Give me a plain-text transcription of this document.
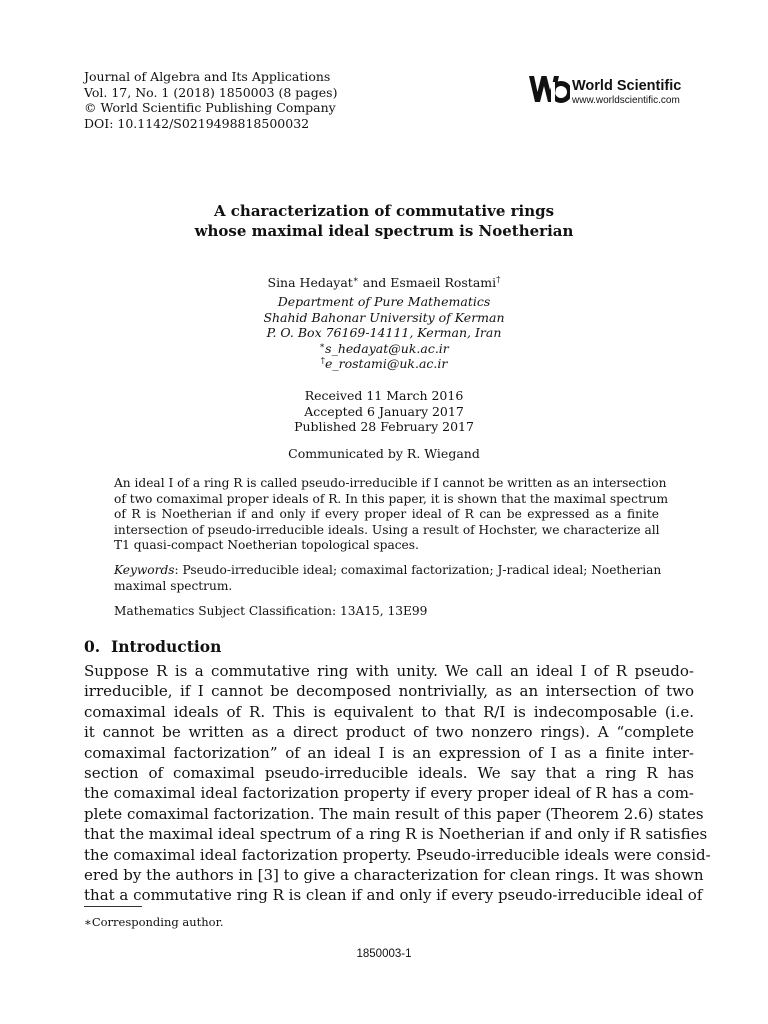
Journal of Algebra and Its Applications
Vol. 17, No. 1 (2018) 1850003 (8 pages)
© World Scientific Publishing Company
DOI: 10.1142/S0219498818500032
World Scientific
www.worldscientific.com
A characterization of commutative rings
whose maximal ideal spectrum is Noetherian
Sina Hedayat∗ and Esmaeil Rostami†
Department of Pure Mathematics
Shahid Bahonar University of Kerman
P. O. Box 76169-14111, Kerman, Iran
∗s_hedayat@uk.ac.ir
†e_rostami@uk.ac.ir
Received 11 March 2016
Accepted 6 January 2017
Published 28 February 2017
Communicated by R. Wiegand
An ideal I of a ring R is called pseudo-irreducible if I cannot be written as an intersection
of two comaximal proper ideals of R. In this paper, it is shown that the maximal spectrum
of R is Noetherian if and only if every proper ideal of R can be expressed as a finite
intersection of pseudo-irreducible ideals. Using a result of Hochster, we characterize all
T1 quasi-compact Noetherian topological spaces.
Keywords: Pseudo-irreducible ideal; comaximal factorization; J-radical ideal; Noetherian
maximal spectrum.
Mathematics Subject Classification: 13A15, 13E99
0.  Introduction
Suppose R is a commutative ring with unity. We call an ideal I of R pseudo-
irreducible, if I cannot be decomposed nontrivially, as an intersection of two
comaximal ideals of R. This is equivalent to that R/I is indecomposable (i.e.
it cannot be written as a direct product of two nonzero rings). A “complete
comaximal factorization” of an ideal I is an expression of I as a finite inter-
section of comaximal pseudo-irreducible ideals. We say that a ring R has
the comaximal ideal factorization property if every proper ideal of R has a com-
plete comaximal factorization. The main result of this paper (Theorem 2.6) states
that the maximal ideal spectrum of a ring R is Noetherian if and only if R satisfies
the comaximal ideal factorization property. Pseudo-irreducible ideals were consid-
ered by the authors in [3] to give a characterization for clean rings. It was shown
that a commutative ring R is clean if and only if every pseudo-irreducible ideal of
∗Corresponding author.
1850003-1
